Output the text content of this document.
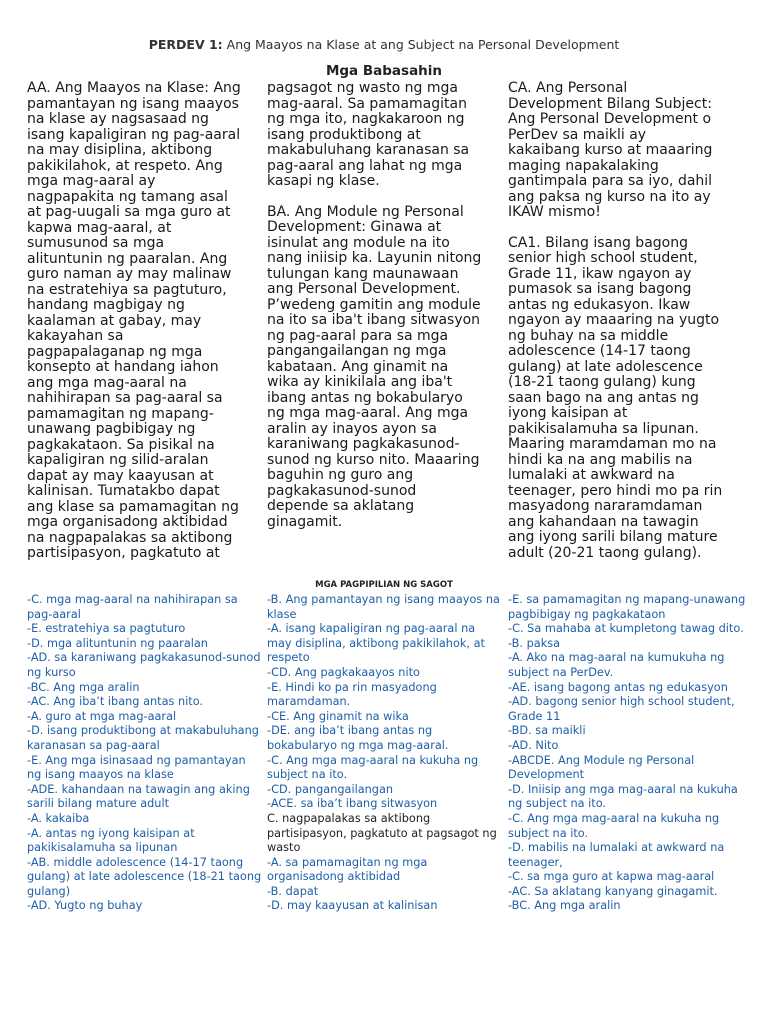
PERDEV 1: Ang Maayos na Klase at ang Subject na Personal Development
Mga Babasahin

AA. Ang Maayos na Klase: Ang
pamantayan ng isang maayos
na klase ay nagsasaad ng
isang kapaligiran ng pag-aaral
na may disiplina, aktibong
pakikilahok, at respeto. Ang
mga mag-aaral ay
nagpapakita ng tamang asal
at pag-uugali sa mga guro at
kapwa mag-aaral, at
sumusunod sa mga
alituntunin ng paaralan. Ang
guro naman ay may malinaw
na estratehiya sa pagtuturo,
handang magbigay ng
kaalaman at gabay, may
kakayahan sa
pagpapalaganap ng mga
konsepto at handang iahon
ang mga mag-aaral na
nahihirapan sa pag-aaral sa
pamamagitan ng mapang-
unawang pagbibigay ng
pagkakataon. Sa pisikal na
kapaligiran ng silid-aralan
dapat ay may kaayusan at
kalinisan. Tumatakbo dapat
ang klase sa pamamagitan ng
mga organisadong aktibidad
na nagpapalakas sa aktibong
partisipasyon, pagkatuto at

pagsagot ng wasto ng mga
mag-aaral. Sa pamamagitan
ng mga ito, nagkakaroon ng
isang produktibong at
makabuluhang karanasan sa
pag-aaral ang lahat ng mga
kasapi ng klase.

BA. Ang Module ng Personal
Development: Ginawa at
isinulat ang module na ito
nang iniisip ka. Layunin nitong
tulungan kang maunawaan
ang Personal Development.
P’wedeng gamitin ang module
na ito sa iba't ibang sitwasyon
ng pag-aaral para sa mga
pangangailangan ng mga
kabataan. Ang ginamit na
wika ay kinikilala ang iba't
ibang antas ng bokabularyo
ng mga mag-aaral. Ang mga
aralin ay inayos ayon sa
karaniwang pagkakasunod-
sunod ng kurso nito. Maaaring
baguhin ng guro ang
pagkakasunod-sunod
depende sa aklatang
ginagamit.

CA. Ang Personal
Development Bilang Subject:
Ang Personal Development o
PerDev sa maikli ay
kakaibang kurso at maaaring
maging napakalaking
gantimpala para sa iyo, dahil
ang paksa ng kurso na ito ay
IKAW mismo!

CA1. Bilang isang bagong
senior high school student,
Grade 11, ikaw ngayon ay
pumasok sa isang bagong
antas ng edukasyon. Ikaw
ngayon ay maaaring na yugto
ng buhay na sa middle
adolescence (14-17 taong
gulang) at late adolescence
(18-21 taong gulang) kung
saan bago na ang antas ng
iyong kaisipan at
pakikisalamuha sa lipunan.
Maaring maramdaman mo na
hindi ka na ang mabilis na
lumalaki at awkward na
teenager, pero hindi mo pa rin
masyadong nararamdaman
ang kahandaan na tawagin
ang iyong sarili bilang mature
adult (20-21 taong gulang).

MGA PAGPIPILIAN NG SAGOT
-C. mga mag-aaral na nahihirapan sa pag-aaral
-E. estratehiya sa pagtuturo
-D. mga alituntunin ng paaralan
-AD. sa karaniwang pagkakasunod-sunod ng kurso
-BC. Ang mga aralin
-AC. Ang iba’t ibang antas nito.
-A. guro at mga mag-aaral
-D. isang produktibong at makabuluhang karanasan sa pag-aaral
-E. Ang mga isinasaad ng pamantayan ng isang maayos na klase
-ADE. kahandaan na tawagin ang aking sarili bilang mature adult
-A. kakaiba
-A. antas ng iyong kaisipan at pakikisalamuha sa lipunan
-AB. middle adolescence (14-17 taong gulang) at late adolescence (18-21 taong gulang)
-AD. Yugto ng buhay
-B. Ang pamantayan ng isang maayos na klase
-A. isang kapaligiran ng pag-aaral na may disiplina, aktibong pakikilahok, at respeto
-CD. Ang pagkakaayos nito
-E. Hindi ko pa rin masyadong maramdaman.
-CE. Ang ginamit na wika
-DE. ang iba’t ibang antas ng bokabularyo ng mga mag-aaral.
-C. Ang mga mag-aaral na kukuha ng subject na ito.
-CD. pangangailangan
-ACE. sa iba’t ibang sitwasyon
C. nagpapalakas sa aktibong partisipasyon, pagkatuto at pagsagot ng wasto
-A. sa pamamagitan ng mga organisadong aktibidad
-B. dapat
-D. may kaayusan at kalinisan
-E. sa pamamagitan ng mapang-unawang pagbibigay ng pagkakataon
-C. Sa mahaba at kumpletong tawag dito.
-B. paksa
-A. Ako na mag-aaral na kumukuha ng subject na PerDev.
-AE. isang bagong antas ng edukasyon
-AD. bagong senior high school student, Grade 11
-BD. sa maikli
-AD. Nito
-ABCDE. Ang Module ng Personal Development
-D. Iniisip ang mga mag-aaral na kukuha ng subject na ito.
-C. Ang mga mag-aaral na kukuha ng subject na ito.
-D. mabilis na lumalaki at awkward na teenager,
-C. sa mga guro at kapwa mag-aaral
-AC. Sa aklatang kanyang ginagamit.
-BC. Ang mga aralin
